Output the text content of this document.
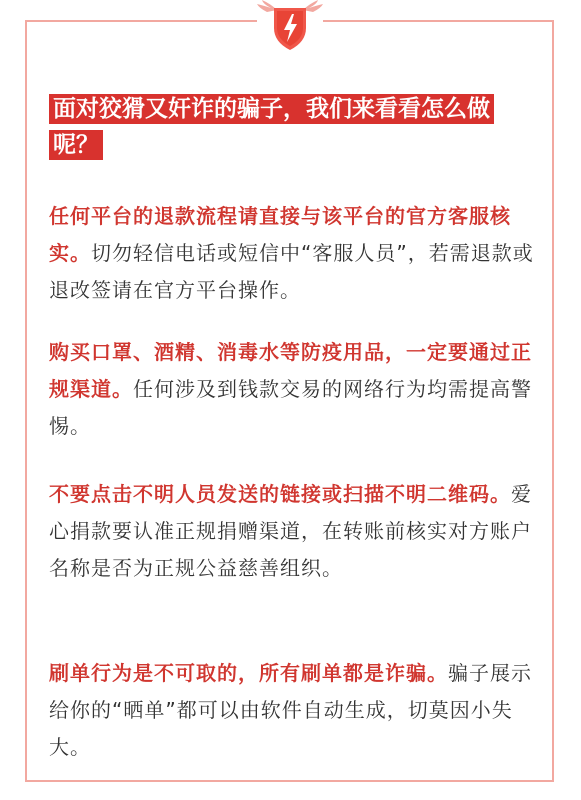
面对狡猾又奸诈的骗子，我们来看看怎么做呢？
任何平台的退款流程请直接与该平台的官方客服核实。切勿轻信电话或短信中“客服人员”，若需退款或退改签请在官方平台操作。
购买口罩、酒精、消毒水等防疫用品，一定要通过正规渠道。任何涉及到钱款交易的网络行为均需提高警惕。
不要点击不明人员发送的链接或扫描不明二维码。爱心捐款要认准正规捐赠渠道，在转账前核实对方账户名称是否为正规公益慈善组织。
刷单行为是不可取的，所有刷单都是诈骗。骗子展示给你的“晒单”都可以由软件自动生成，切莫因小失大。
